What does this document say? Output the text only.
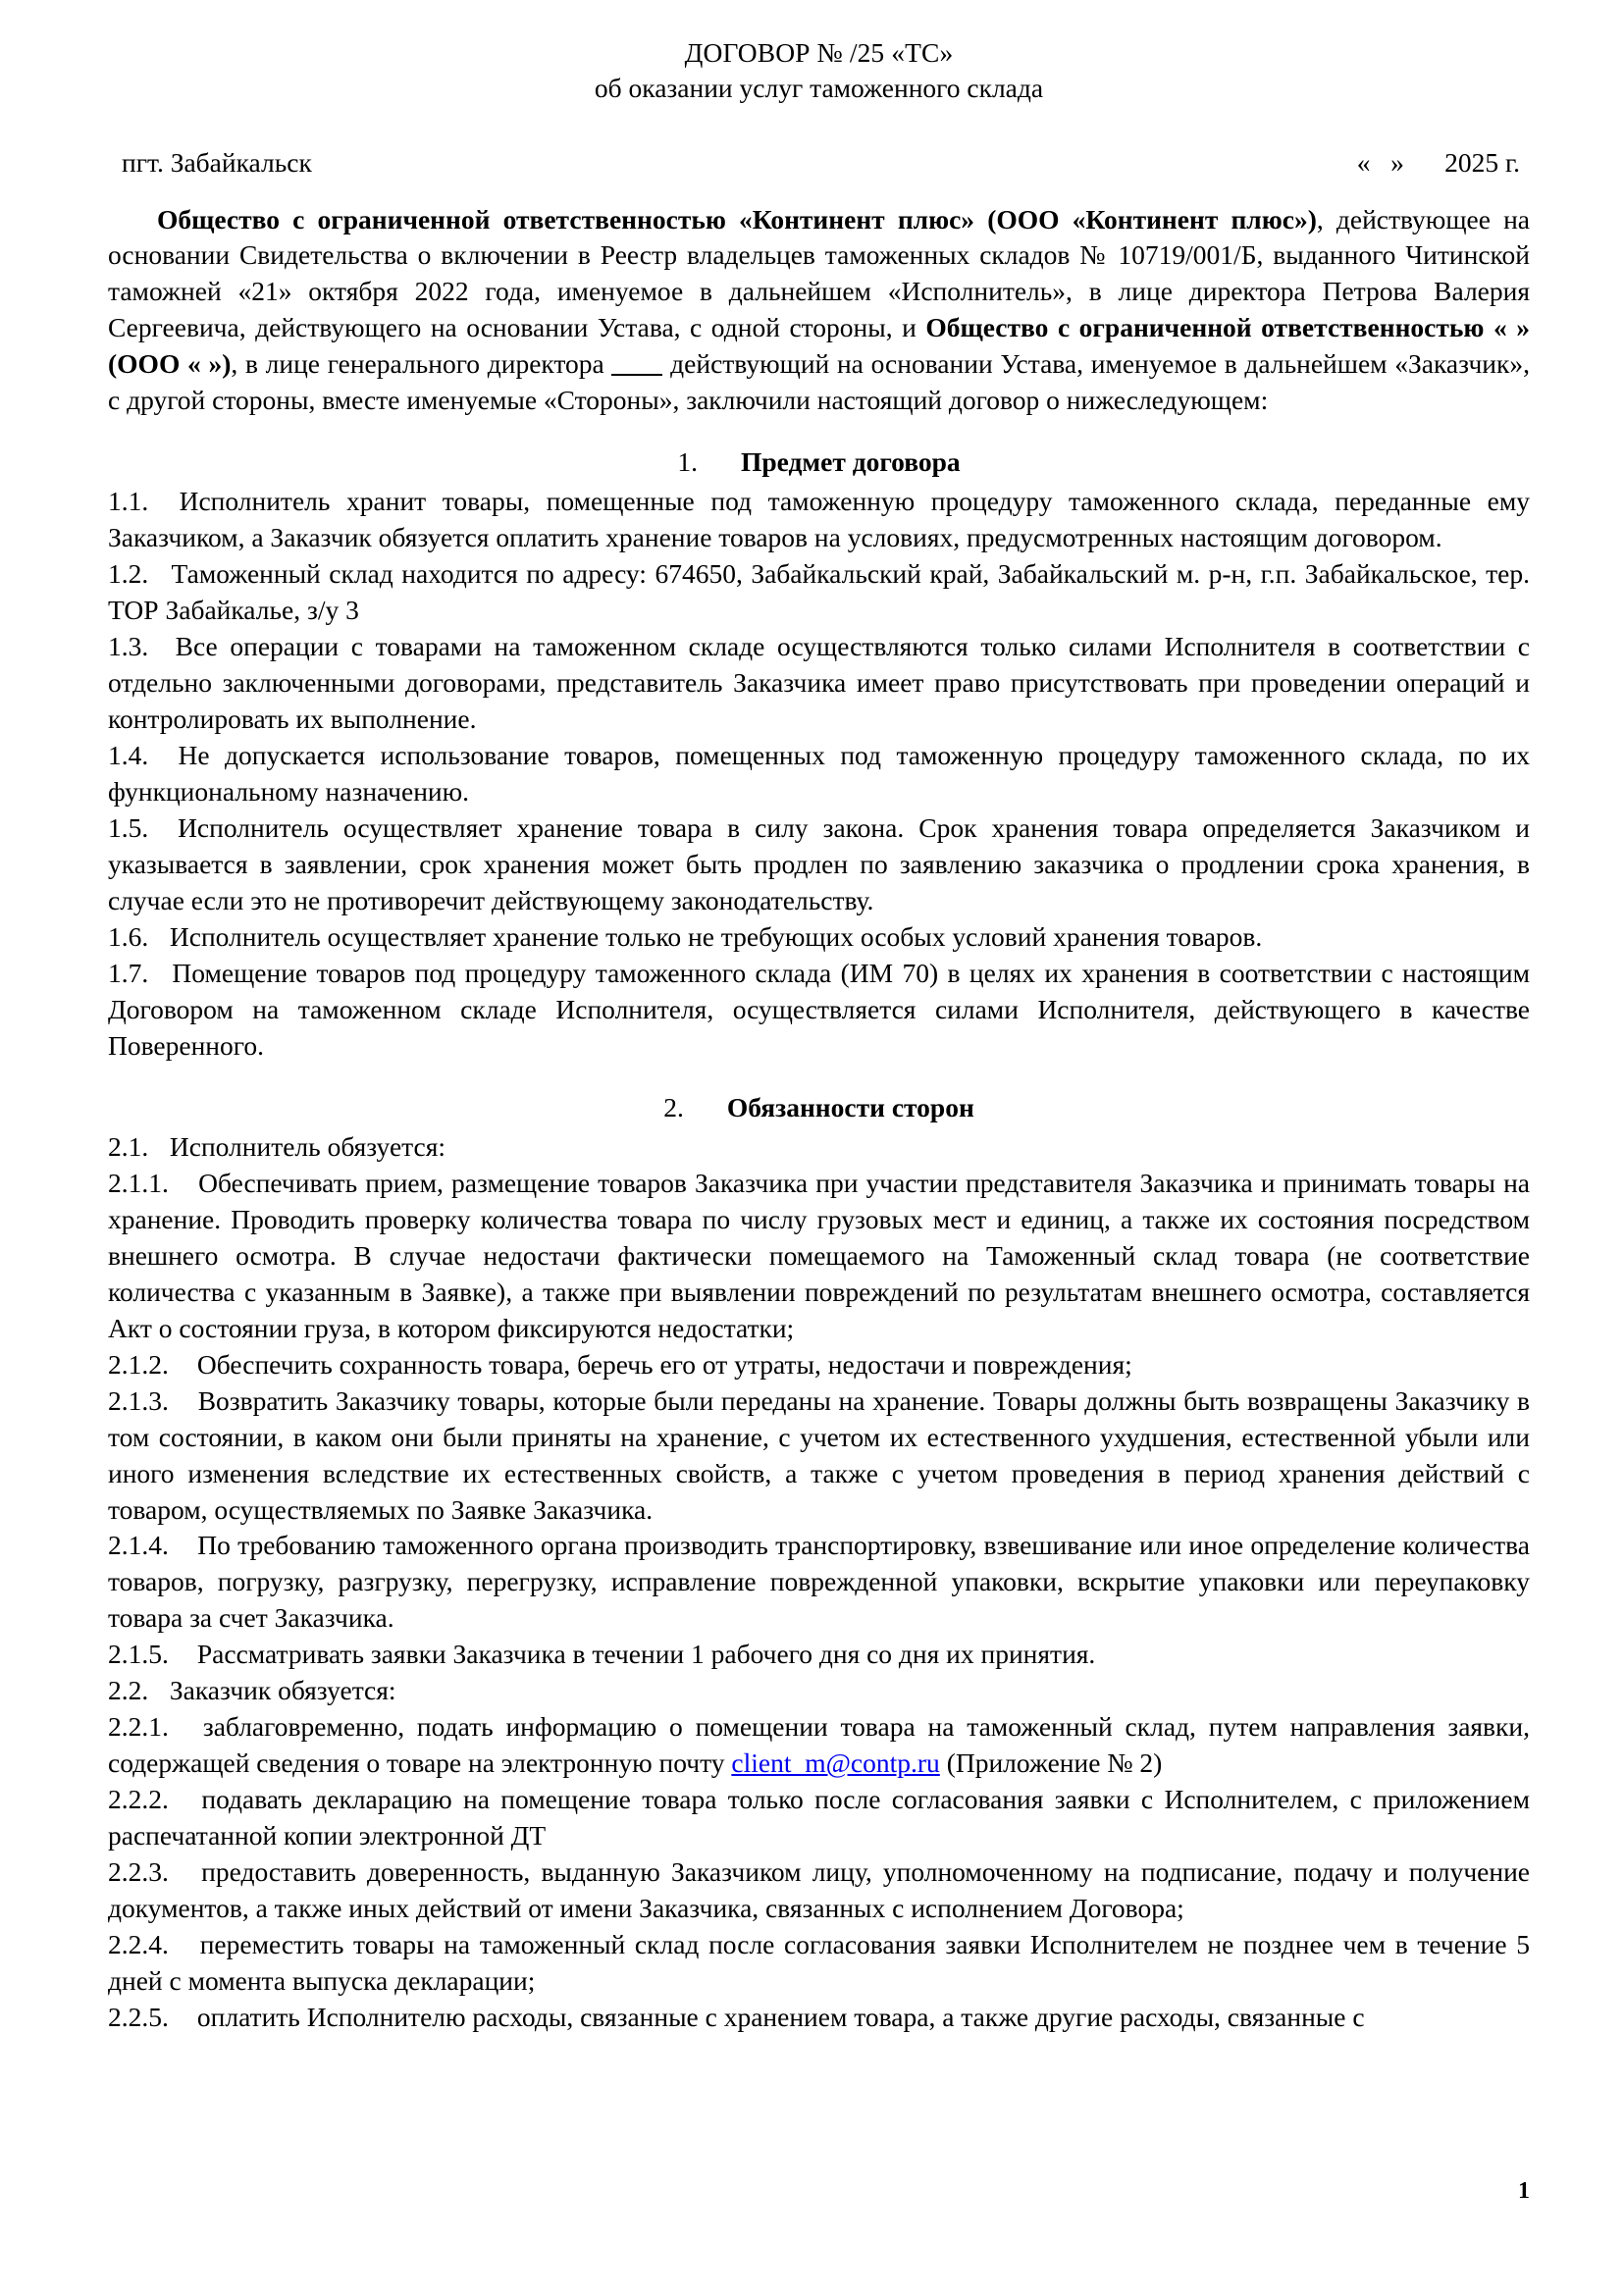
ДОГОВОР № /25 «ТС»
об оказании услуг таможенного склада
пгт. Забайкальск	«   »      2025 г.

Общество с ограниченной ответственностью «Континент плюс» (ООО «Континент плюс»), действующее на основании Свидетельства о включении в Реестр владельцев таможенных складов № 10719/001/Б, выданного Читинской таможней «21» октября 2022 года, именуемое в дальнейшем «Исполнитель», в лице директора Петрова Валерия Сергеевича, действующего на основании Устава, с одной стороны, и Общество с ограниченной ответственностью « » (ООО « »), в лице генерального директора  действующий на основании Устава, именуемое в дальнейшем «Заказчик», с другой стороны, вместе именуемые «Стороны», заключили настоящий договор о нижеследующем:

1. Предмет договора

1.1. Исполнитель хранит товары, помещенные под таможенную процедуру таможенного склада, переданные ему Заказчиком, а Заказчик обязуется оплатить хранение товаров на условиях, предусмотренных настоящим договором.

1.2. Таможенный склад находится по адресу: 674650, Забайкальский край, Забайкальский м. р-н, г.п. Забайкальское, тер. ТОР Забайкалье, з/у 3

1.3. Все операции с товарами на таможенном складе осуществляются только силами Исполнителя в соответствии с отдельно заключенными договорами, представитель Заказчика имеет право присутствовать при проведении операций и контролировать их выполнение.

1.4. Не допускается использование товаров, помещенных под таможенную процедуру таможенного склада, по их функциональному назначению.

1.5. Исполнитель осуществляет хранение товара в силу закона. Срок хранения товара определяется Заказчиком и указывается в заявлении, срок хранения может быть продлен по заявлению заказчика о продлении срока хранения, в случае если это не противоречит действующему законодательству.

1.6. Исполнитель осуществляет хранение только не требующих особых условий хранения товаров.

1.7. Помещение товаров под процедуру таможенного склада (ИМ 70) в целях их хранения в соответствии с настоящим Договором на таможенном складе Исполнителя, осуществляется силами Исполнителя, действующего в качестве Поверенного.

2. Обязанности сторон

2.1. Исполнитель обязуется:

2.1.1. Обеспечивать прием, размещение товаров Заказчика при участии представителя Заказчика и принимать товары на хранение. Проводить проверку количества товара по числу грузовых мест и единиц, а также их состояния посредством внешнего осмотра. В случае недостачи фактически помещаемого на Таможенный склад товара (не соответствие количества с указанным в Заявке), а также при выявлении повреждений по результатам внешнего осмотра, составляется Акт о состоянии груза, в котором фиксируются недостатки;

2.1.2. Обеспечить сохранность товара, беречь его от утраты, недостачи и повреждения;

2.1.3. Возвратить Заказчику товары, которые были переданы на хранение. Товары должны быть возвращены Заказчику в том состоянии, в каком они были приняты на хранение, с учетом их естественного ухудшения, естественной убыли или иного изменения вследствие их естественных свойств, а также с учетом проведения в период хранения действий с товаром, осуществляемых по Заявке Заказчика.

2.1.4. По требованию таможенного органа производить транспортировку, взвешивание или иное определение количества товаров, погрузку, разгрузку, перегрузку, исправление поврежденной упаковки, вскрытие упаковки или переупаковку товара за счет Заказчика.

2.1.5. Рассматривать заявки Заказчика в течении 1 рабочего дня со дня их принятия.

2.2. Заказчик обязуется:

2.2.1. заблаговременно, подать информацию о помещении товара на таможенный склад, путем направления заявки, содержащей сведения о товаре на электронную почту client_m@contp.ru (Приложение № 2)

2.2.2. подавать декларацию на помещение товара только после согласования заявки с Исполнителем, с приложением распечатанной копии электронной ДТ

2.2.3. предоставить доверенность, выданную Заказчиком лицу, уполномоченному на подписание, подачу и получение документов, а также иных действий от имени Заказчика, связанных с исполнением Договора;

2.2.4. переместить товары на таможенный склад после согласования заявки Исполнителем не позднее чем в течение 5 дней с момента выпуска декларации;

2.2.5. оплатить Исполнителю расходы, связанные с хранением товара, а также другие расходы, связанные с

1
